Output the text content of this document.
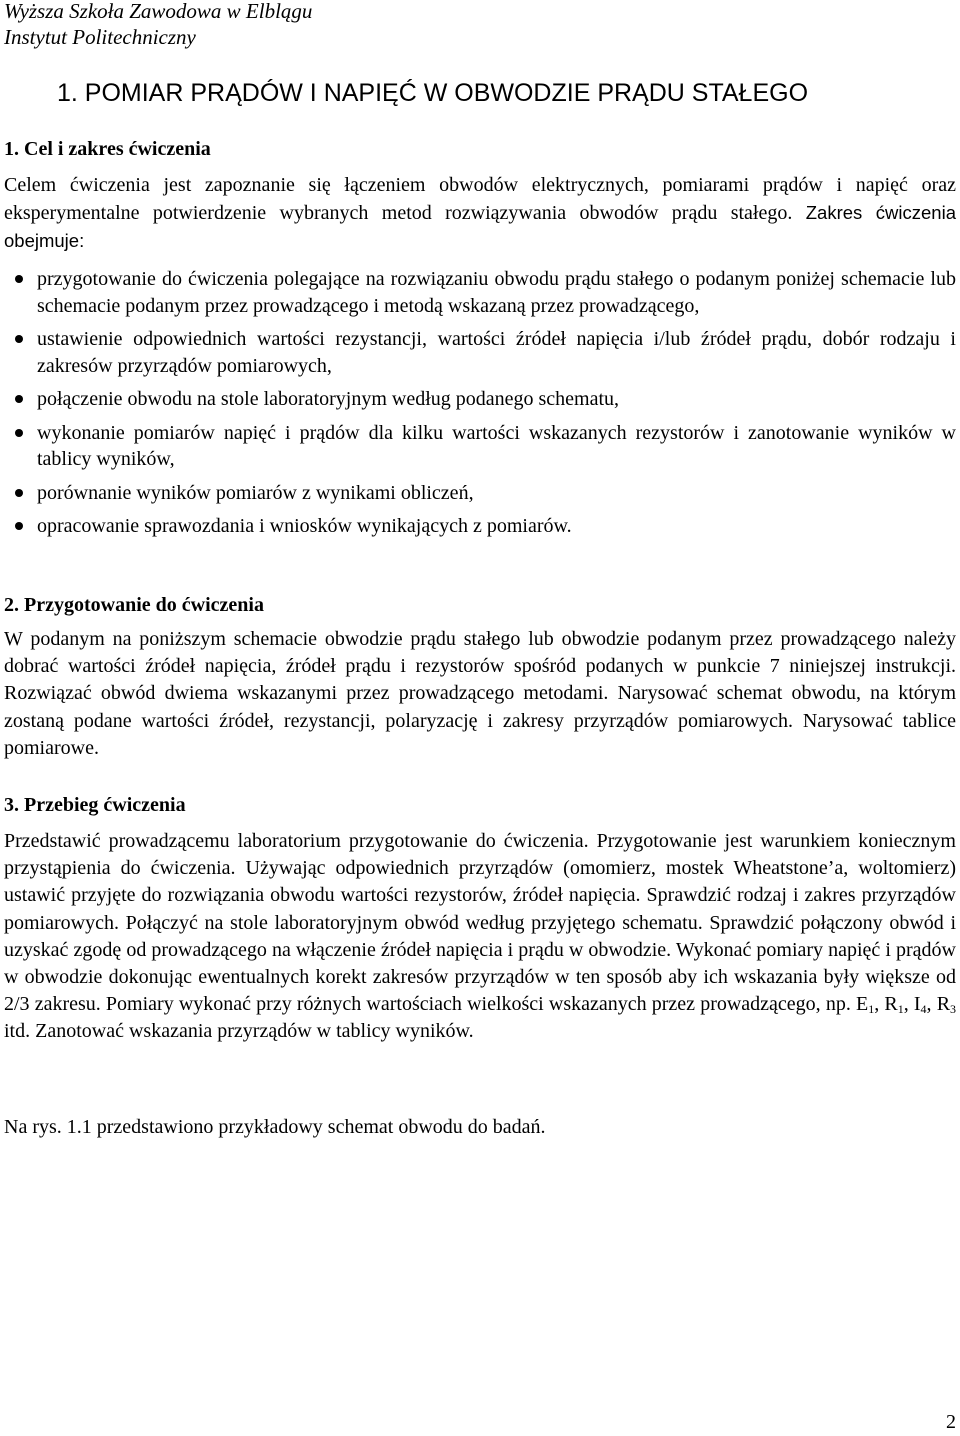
Wyższa Szkoła Zawodowa w Elblągu
Instytut Politechniczny
1. POMIAR PRĄDÓW I NAPIĘĆ W OBWODZIE PRĄDU STAŁEGO
1. Cel i zakres ćwiczenia
Celem ćwiczenia jest zapoznanie się łączeniem obwodów elektrycznych, pomiarami prądów i napięć oraz eksperymentalne potwierdzenie wybranych metod rozwiązywania obwodów prądu stałego. Zakres ćwiczenia obejmuje:
przygotowanie do ćwiczenia polegające na rozwiązaniu obwodu prądu stałego o podanym poniżej schemacie lub schemacie podanym przez prowadzącego i metodą wskazaną przez prowadzącego,
ustawienie odpowiednich wartości rezystancji, wartości źródeł napięcia i/lub źródeł prądu, dobór rodzaju i zakresów przyrządów pomiarowych,
połączenie obwodu na stole laboratoryjnym według podanego schematu,
wykonanie pomiarów napięć i prądów dla kilku wartości wskazanych rezystorów i zanotowanie wyników w tablicy wyników,
porównanie wyników pomiarów z wynikami obliczeń,
opracowanie sprawozdania i wniosków wynikających z pomiarów.
2. Przygotowanie do ćwiczenia
W podanym na poniższym schemacie obwodzie prądu stałego lub obwodzie podanym przez prowadzącego należy dobrać wartości źródeł napięcia, źródeł prądu i rezystorów spośród podanych w punkcie 7 niniejszej instrukcji. Rozwiązać obwód dwiema wskazanymi przez prowadzącego metodami. Narysować schemat obwodu, na którym zostaną podane wartości źródeł, rezystancji, polaryzację i zakresy przyrządów pomiarowych. Narysować tablice pomiarowe.
3. Przebieg ćwiczenia
Przedstawić prowadzącemu laboratorium przygotowanie do ćwiczenia. Przygotowanie jest warunkiem koniecznym przystąpienia do ćwiczenia. Używając odpowiednich przyrządów (omomierz, mostek Wheatstone’a, woltomierz) ustawić przyjęte do rozwiązania obwodu wartości rezystorów, źródeł napięcia. Sprawdzić rodzaj i zakres przyrządów pomiarowych. Połączyć na stole laboratoryjnym obwód według przyjętego schematu. Sprawdzić połączony obwód i uzyskać zgodę od prowadzącego na włączenie źródeł napięcia i prądu w obwodzie. Wykonać pomiary napięć i prądów w obwodzie dokonując ewentualnych korekt zakresów przyrządów w ten sposób aby ich wskazania były większe od 2/3 zakresu. Pomiary wykonać przy różnych wartościach wielkości wskazanych przez prowadzącego, np. $E_1$, $R_1$, $I_4$, $R_3$ itd. Zanotować wskazania przyrządów w tablicy wyników.
Na rys. 1.1 przedstawiono przykładowy schemat obwodu do badań.
2
